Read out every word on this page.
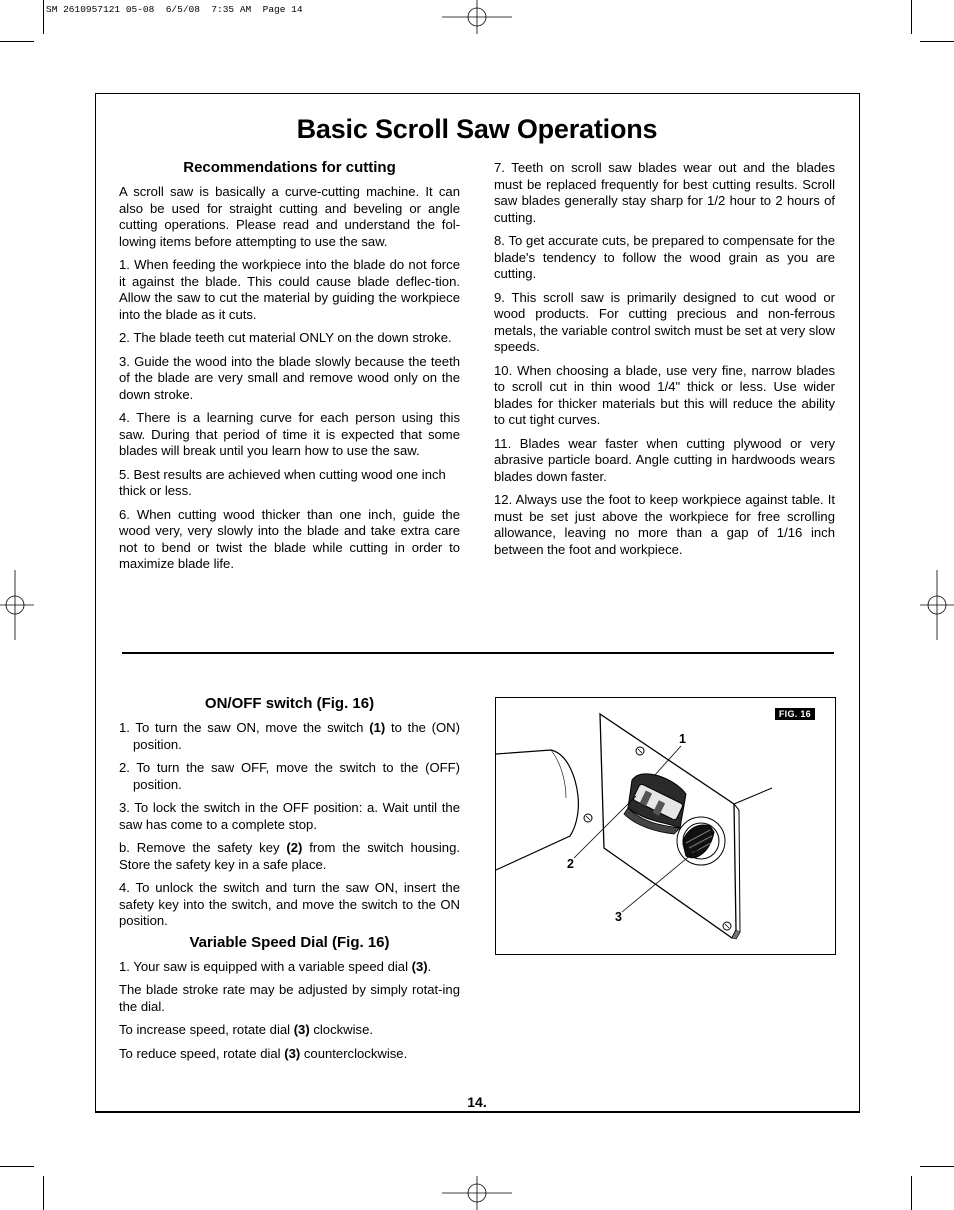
SM 2610957121 05-08  6/5/08  7:35 AM  Page 14
Basic Scroll Saw Operations
Recommendations for cutting

A scroll saw is basically a curve-cutting machine. It can also be used for straight cutting and beveling or angle cutting operations. Please read and understand the fol-lowing items before attempting to use the saw.

1. When feeding the workpiece into the blade do not force it against the blade. This could cause blade deflec-tion. Allow the saw to cut the material by guiding the workpiece into the blade as it cuts.

2. The blade teeth cut material ONLY on the down stroke.

3. Guide the wood into the blade slowly because the teeth of the blade are very small and remove wood only on the down stroke.

4. There is a learning curve for each person using this saw. During that period of time it is expected that some blades will break until you learn how to use the saw.

5. Best results are achieved when cutting wood one inch thick or less.

6. When cutting wood thicker than one inch, guide the wood very, very slowly into the blade and take extra care not to bend or twist the blade while cutting in order to maximize blade life.

7. Teeth on scroll saw blades wear out and the blades must be replaced frequently for best cutting results. Scroll saw blades generally stay sharp for 1/2 hour to 2 hours of cutting.

8. To get accurate cuts, be prepared to compensate for the blade's tendency to follow the wood grain as you are cutting.

9. This scroll saw is primarily designed to cut wood or wood products. For cutting precious and non-ferrous metals, the variable control switch must be set at very slow speeds.

10. When choosing a blade, use very fine, narrow blades to scroll cut in thin wood 1/4" thick or less. Use wider blades for thicker materials but this will reduce the ability to cut tight curves.

11. Blades wear faster when cutting plywood or very abrasive particle board. Angle cutting in hardwoods wears blades down faster.

12. Always use the foot to keep workpiece against table. It must be set just above the workpiece for free scrolling allowance, leaving no more than a gap of 1/16 inch between the foot and workpiece.

ON/OFF switch (Fig. 16)
1. To turn the saw ON, move the switch (1) to the (ON) position.
2. To turn the saw OFF, move the switch to the (OFF) position.

3. To lock the switch in the OFF position: a. Wait until the saw has come to a complete stop.

b. Remove the safety key (2) from the switch housing. Store the safety key in a safe place.

4. To unlock the switch and turn the saw ON, insert the safety key into the switch, and move the switch to the ON position.

Variable Speed Dial (Fig. 16)

1. Your saw is equipped with a variable speed dial (3).

The blade stroke rate may be adjusted by simply rotat-ing the dial.

To increase speed, rotate dial (3) clockwise.

To reduce speed, rotate dial (3) counterclockwise.

FIG. 16
1
2
3
14.
